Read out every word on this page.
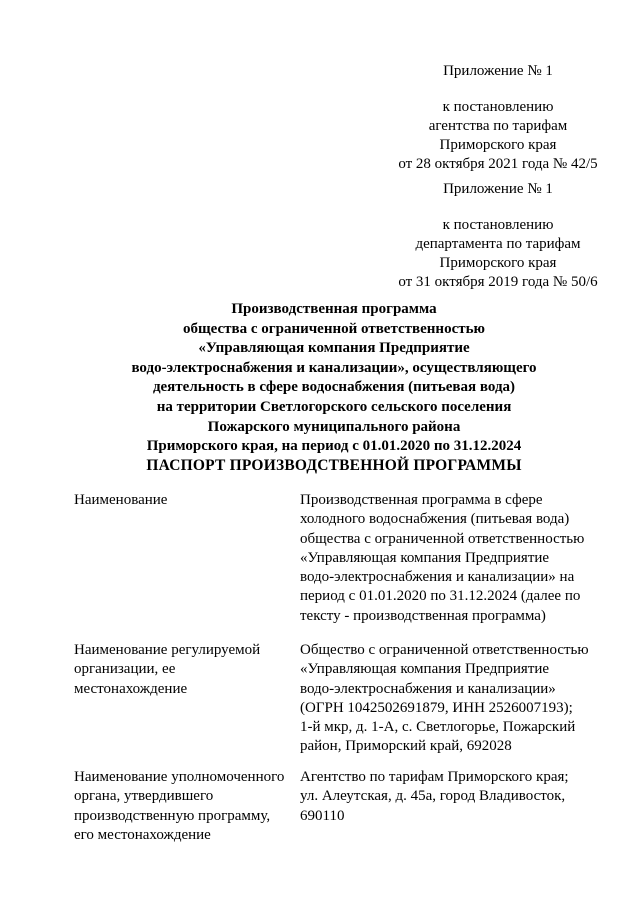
Приложение № 1

к постановлению

агентства по тарифам

Приморского края

от 28 октября 2021 года № 42/5

Приложение № 1

к постановлению

департамента по тарифам

Приморского края

от 31 октября 2019 года № 50/6

Производственная программа

общества с ограниченной ответственностью

«Управляющая компания Предприятие

водо-электроснабжения и канализации», осуществляющего

деятельность в сфере водоснабжения (питьевая вода)

на территории Светлогорского сельского поселения

Пожарского муниципального района

Приморского края, на период с 01.01.2020 по 31.12.2024

ПАСПОРТ ПРОИЗВОДСТВЕННОЙ ПРОГРАММЫ

Наименование	Производственная программа в сфере

холодного водоснабжения (питьевая вода)

общества с ограниченной ответственностью

«Управляющая компания Предприятие

водо-электроснабжения и канализации» на

период с 01.01.2020 по 31.12.2024 (далее по

тексту - производственная программа)

Наименование регулируемой

организации, ее

местонахождение

Общество с ограниченной ответственностью

«Управляющая компания Предприятие

водо-электроснабжения и канализации»

(ОГРН 1042502691879, ИНН 2526007193);

1-й мкр, д. 1-А, с. Светлогорье, Пожарский

район, Приморский край, 692028

Наименование уполномоченного

органа, утвердившего

производственную программу,

его местонахождение

Агентство по тарифам Приморского края;

ул. Алеутская, д. 45а, город Владивосток,

690110
